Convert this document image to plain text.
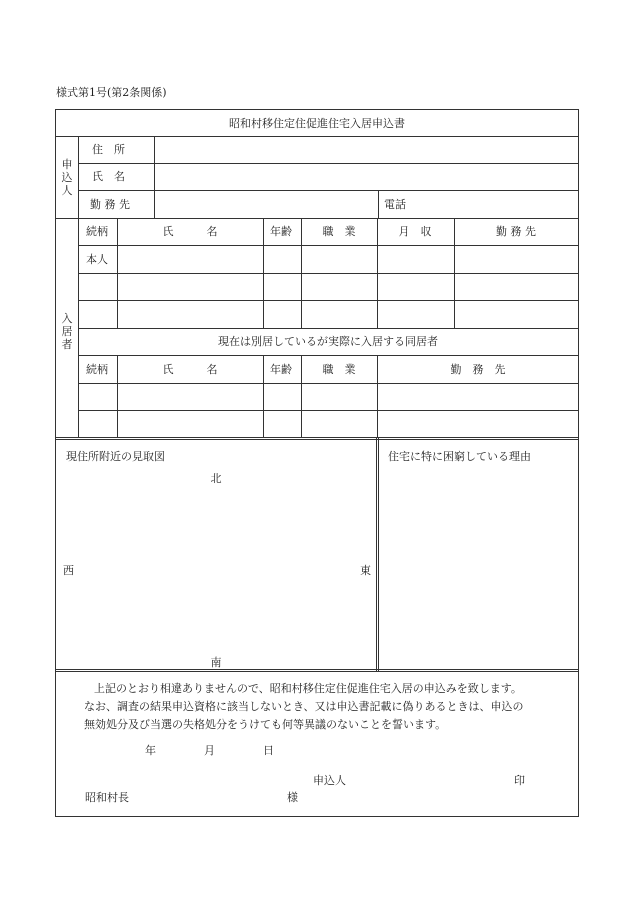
様式第1号(第2条関係)
昭和村移住定住促進住宅入居申込書
申
込
人
住　所
氏　名
勤 務 先	電話
入
居
者
続柄	氏　　　名	年齢	職　業	月　収	勤 務 先
本人
現在は別居しているが実際に入居する同居者
続柄	氏　　　名	年齢	職　業	勤　務　先
現住所附近の見取図
北
南
西	東
住宅に特に困窮している理由
上記のとおり相違ありませんので、昭和村移住定住促進住宅入居の申込みを致します。
なお、調査の結果申込資格に該当しないとき、又は申込書記載に偽りあるときは、申込の
無効処分及び当選の失格処分をうけても何等異議のないことを誓います。
年	月	日
申込人	印
昭和村長	様
